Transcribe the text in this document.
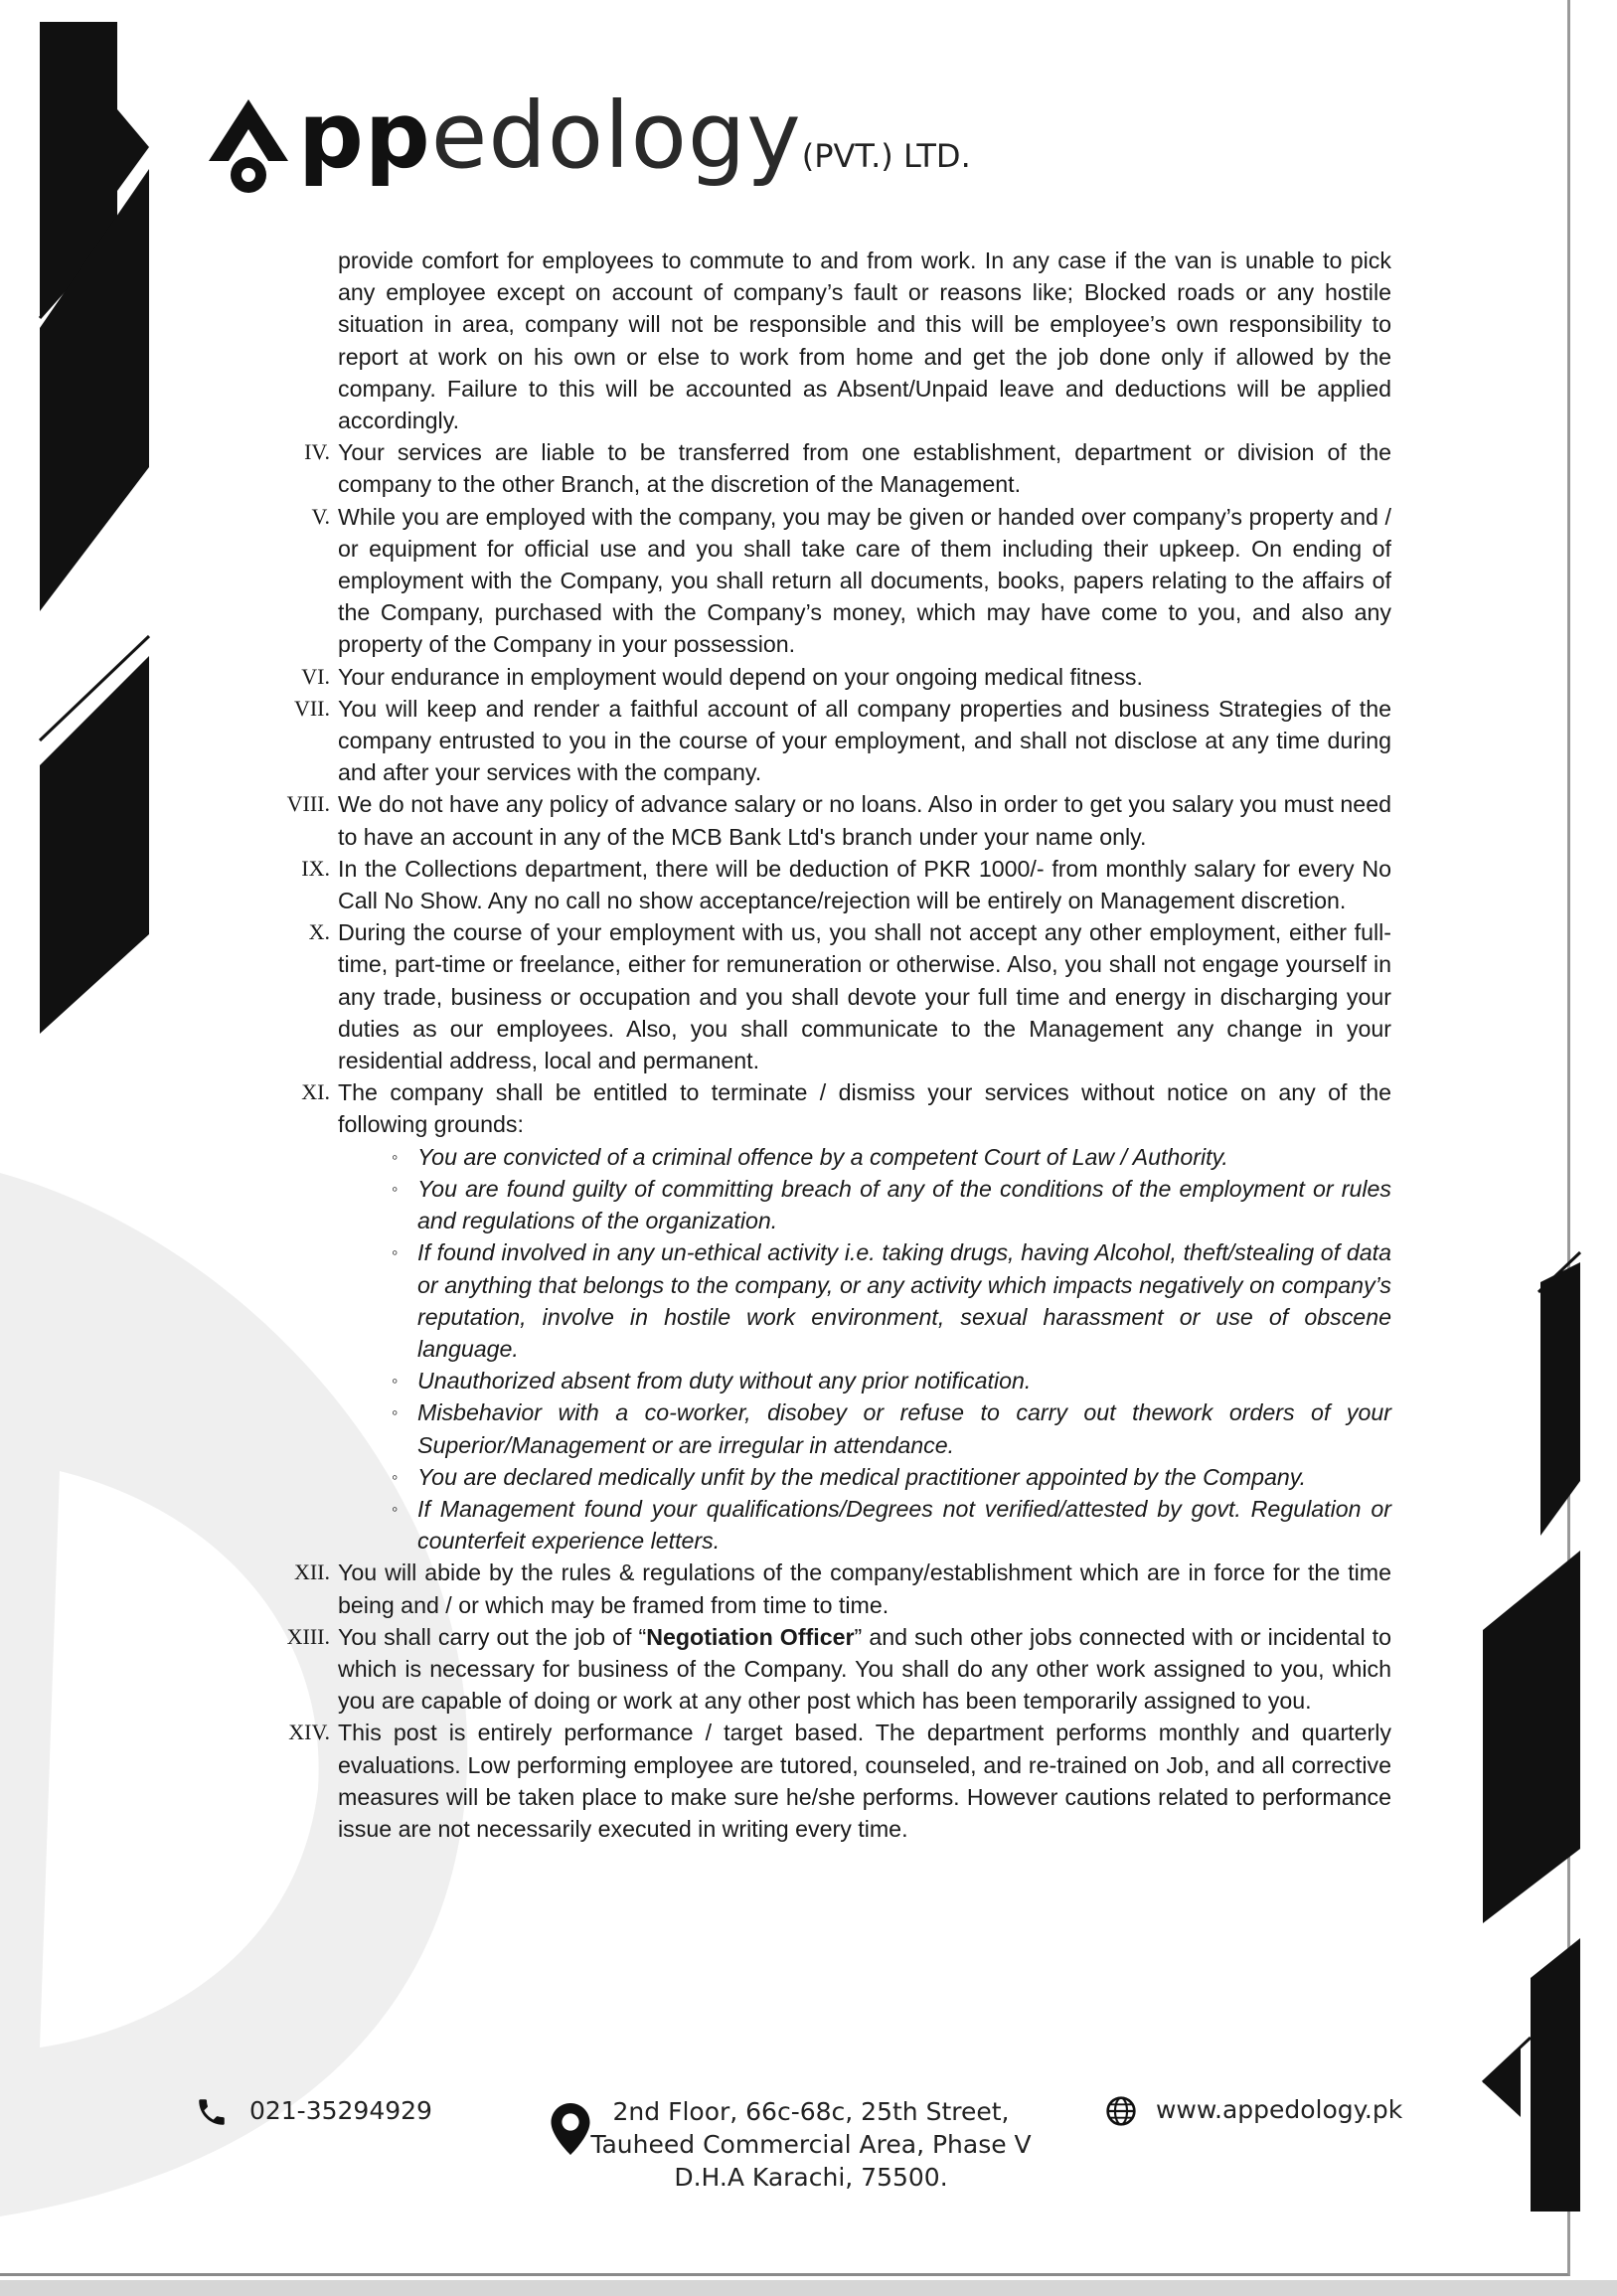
ppedology(PVT.) LTD.

provide comfort for employees to commute to and from work. In any case if the van is unable to pick any employee except on account of company’s fault or reasons like; Blocked roads or any hostile situation in area, company will not be responsible and this will be employee’s own responsibility to report at work on his own or else to work from home and get the job done only if allowed by the company. Failure to this will be accounted as Absent/Unpaid leave and deductions will be applied accordingly.

IV. Your services are liable to be transferred from one establishment, department or division of the company to the other Branch, at the discretion of the Management.
V. While you are employed with the company, you may be given or handed over company’s property and / or equipment for official use and you shall take care of them including their upkeep. On ending of employment with the Company, you shall return all documents, books, papers relating to the affairs of the Company, purchased with the Company’s money, which may have come to you, and also any property of the Company in your possession.
VI. Your endurance in employment would depend on your ongoing medical fitness.
VII. You will keep and render a faithful account of all company properties and business Strategies of the company entrusted to you in the course of your employment, and shall not disclose at any time during and after your services with the company.
VIII. We do not have any policy of advance salary or no loans. Also in order to get you salary you must need to have an account in any of the MCB Bank Ltd's branch under your name only.
IX. In the Collections department, there will be deduction of PKR 1000/- from monthly salary for every No Call No Show. Any no call no show acceptance/rejection will be entirely on Management discretion.
X. During the course of your employment with us, you shall not accept any other employment, either full-time, part-time or freelance, either for remuneration or otherwise. Also, you shall not engage yourself in any trade, business or occupation and you shall devote your full time and energy in discharging your duties as our employees. Also, you shall communicate to the Management any change in your residential address, local and permanent.
XI. The company shall be entitled to terminate / dismiss your services without notice on any of the following grounds:
◦ You are convicted of a criminal offence by a competent Court of Law / Authority.
◦ You are found guilty of committing breach of any of the conditions of the employment or rules and regulations of the organization.
◦ If found involved in any un-ethical activity i.e. taking drugs, having Alcohol, theft/stealing of data or anything that belongs to the company, or any activity which impacts negatively on company’s reputation, involve in hostile work environment, sexual harassment or use of obscene language.
◦ Unauthorized absent from duty without any prior notification.
◦ Misbehavior with a co-worker, disobey or refuse to carry out thework orders of your Superior/Management or are irregular in attendance.
◦ You are declared medically unfit by the medical practitioner appointed by the Company.
◦ If Management found your qualifications/Degrees not verified/attested by govt. Regulation or counterfeit experience letters.
XII. You will abide by the rules & regulations of the company/establishment which are in force for the time being and / or which may be framed from time to time.
XIII. You shall carry out the job of “Negotiation Officer” and such other jobs connected with or incidental to which is necessary for business of the Company. You shall do any other work assigned to you, which you are capable of doing or work at any other post which has been temporarily assigned to you.
XIV. This post is entirely performance / target based. The department performs monthly and quarterly evaluations. Low performing employee are tutored, counseled, and re-trained on Job, and all corrective measures will be taken place to make sure he/she performs. However cautions related to performance issue are not necessarily executed in writing every time.
021-35294929	2nd Floor, 66c-68c, 25th Street,
Tauheed Commercial Area, Phase V
D.H.A Karachi, 75500.
www.appedology.pk
